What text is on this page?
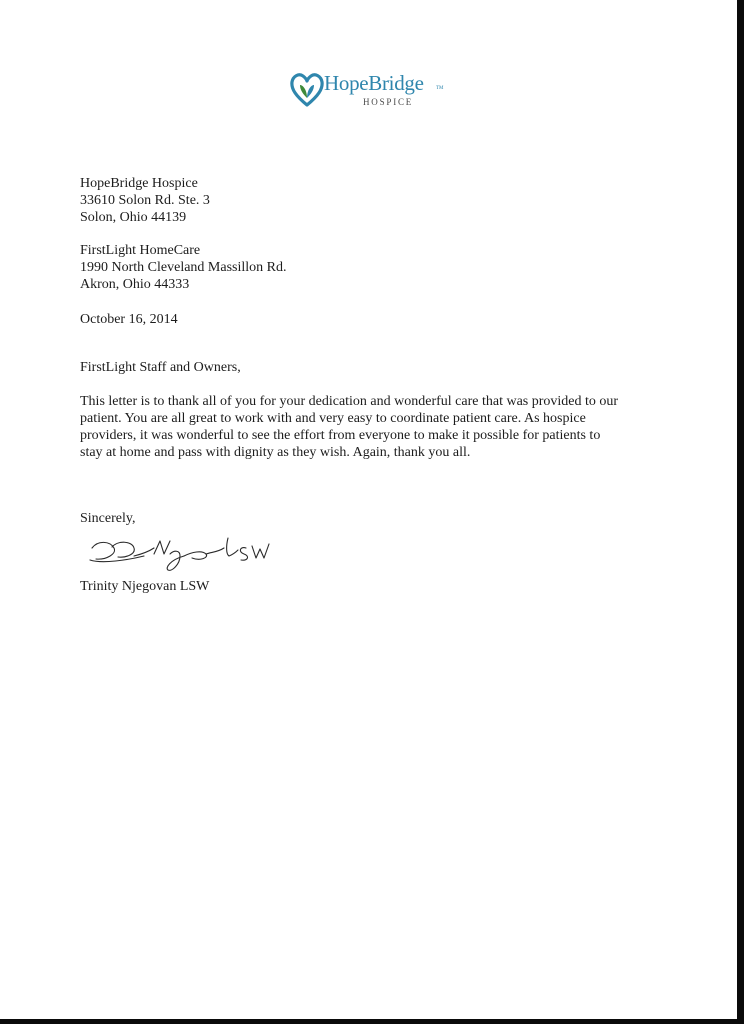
HopeBridge TM
HOSPICE

HopeBridge Hospice

33610 Solon Rd. Ste. 3

Solon, Ohio 44139

FirstLight HomeCare

1990 North Cleveland Massillon Rd.

Akron, Ohio 44333

October 16, 2014

FirstLight Staff and Owners,

This letter is to thank all of you for your dedication and wonderful care that was provided to our

patient. You are all great to work with and very easy to coordinate patient care. As hospice

providers, it was wonderful to see the effort from everyone to make it possible for patients to

stay at home and pass with dignity as they wish. Again, thank you all.

Sincerely,

Trinity Njegovan LSW
